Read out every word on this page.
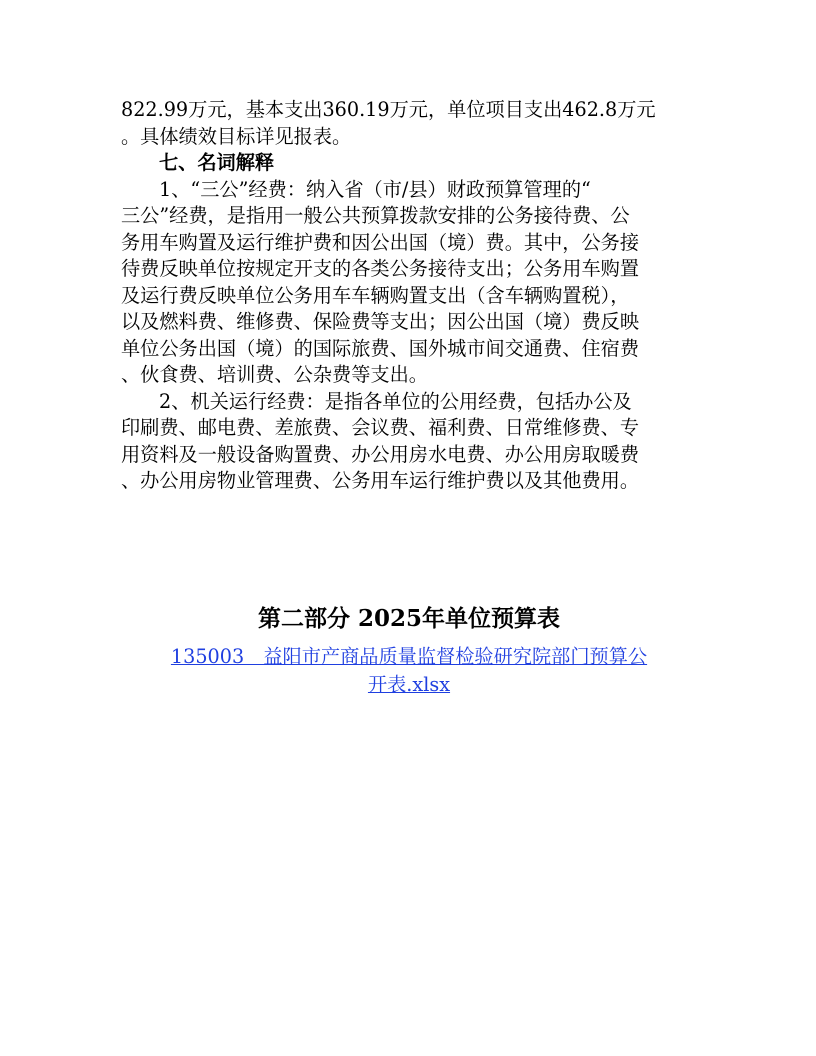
822.99万元，基本支出360.19万元，单位项目支出462.8万元

。具体绩效目标详见报表。

七、名词解释

1、“三公”经费：纳入省（市/县）财政预算管理的“

三公”经费，是指用一般公共预算拨款安排的公务接待费、公

务用车购置及运行维护费和因公出国（境）费。其中，公务接

待费反映单位按规定开支的各类公务接待支出；公务用车购置

及运行费反映单位公务用车车辆购置支出（含车辆购置税），

以及燃料费、维修费、保险费等支出；因公出国（境）费反映

单位公务出国（境）的国际旅费、国外城市间交通费、住宿费

、伙食费、培训费、公杂费等支出。

2、机关运行经费：是指各单位的公用经费，包括办公及

印刷费、邮电费、差旅费、会议费、福利费、日常维修费、专

用资料及一般设备购置费、办公用房水电费、办公用房取暖费

、办公用房物业管理费、公务用车运行维护费以及其他费用。

第二部分 2025年单位预算表
135003　益阳市产商品质量监督检验研究院部门预算公
开表.xlsx
